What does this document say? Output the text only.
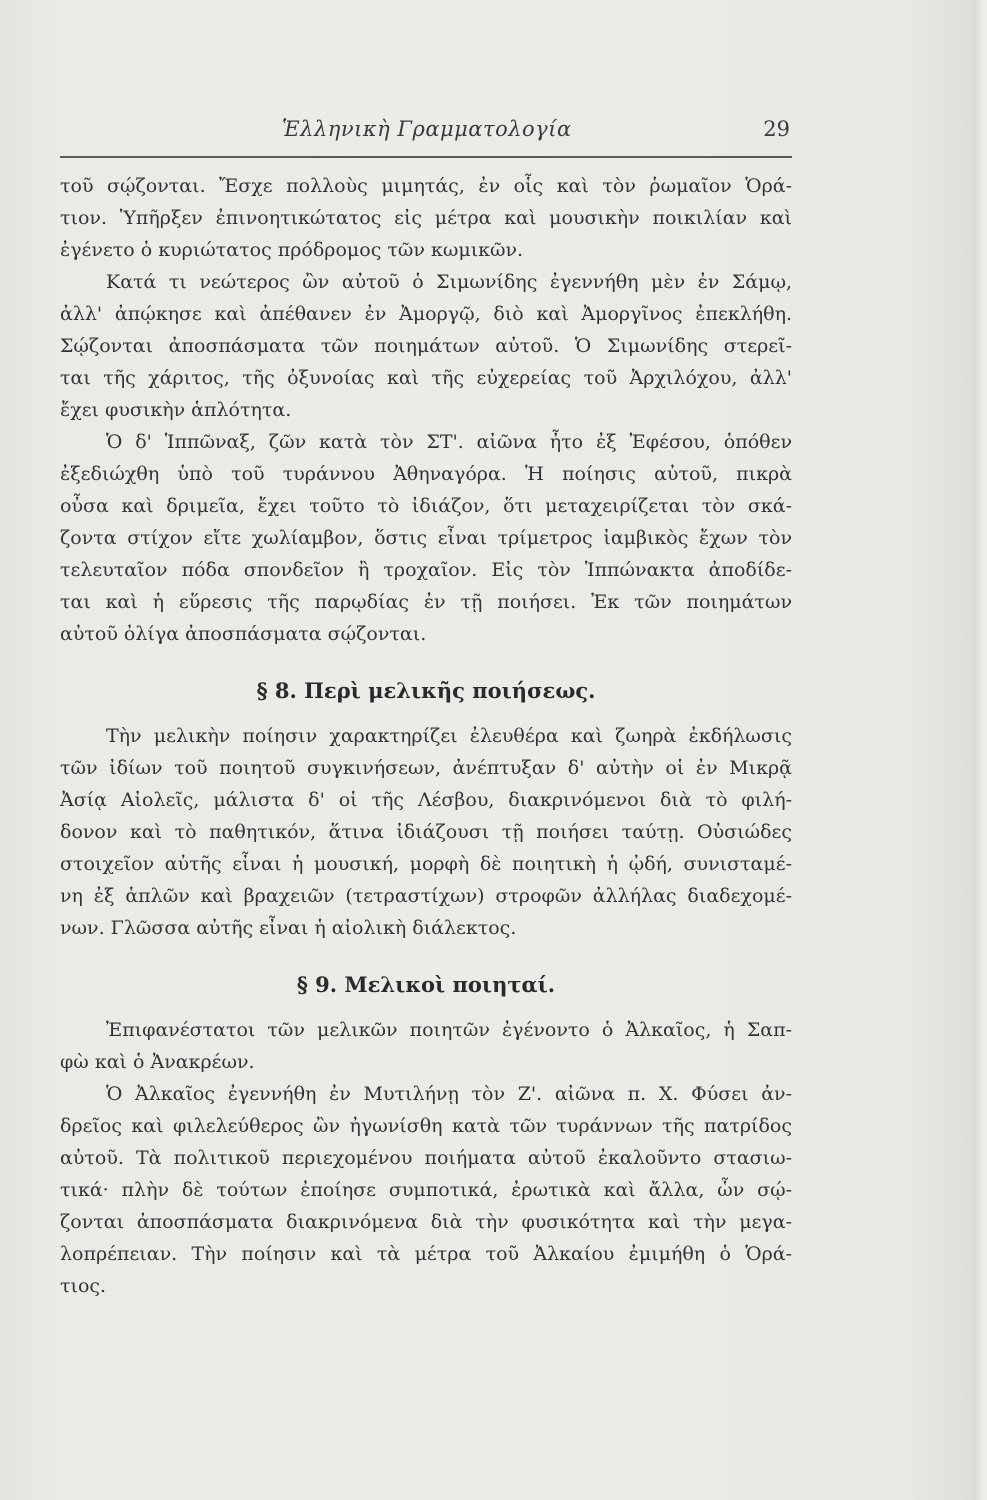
Ἑλληνικὴ Γραμματολογία	29
τοῦ σῴζονται. Ἔσχε πολλοὺς μιμητάς, ἐν οἷς καὶ τὸν ῥωμαῖον Ὁρά-
τιον. Ὑπῆρξεν ἐπινοητικώτατος εἰς μέτρα καὶ μουσικὴν ποικιλίαν καὶ
ἐγένετο ὁ κυριώτατος πρόδρομος τῶν κωμικῶν.
Κατά τι νεώτερος ὢν αὐτοῦ ὁ Σιμωνίδης ἐγεννήθη μὲν ἐν Σάμῳ,
ἀλλ' ἀπῴκησε καὶ ἀπέθανεν ἐν Ἀμοργῷ, διὸ καὶ Ἀμοργῖνος ἐπεκλήθη.
Σῴζονται ἀποσπάσματα τῶν ποιημάτων αὐτοῦ. Ὁ Σιμωνίδης στερεῖ-
ται τῆς χάριτος, τῆς ὀξυνοίας καὶ τῆς εὐχερείας τοῦ Ἀρχιλόχου, ἀλλ'
ἔχει φυσικὴν ἁπλότητα.
Ὁ δ' Ἱππῶναξ, ζῶν κατὰ τὸν ΣΤ'. αἰῶνα ἦτο ἐξ Ἐφέσου, ὁπόθεν
ἐξεδιώχθη ὑπὸ τοῦ τυράννου Ἀθηναγόρα. Ἡ ποίησις αὐτοῦ, πικρὰ
οὖσα καὶ δριμεῖα, ἔχει τοῦτο τὸ ἰδιάζον, ὅτι μεταχειρίζεται τὸν σκά-
ζοντα στίχον εἴτε χωλίαμβον, ὅστις εἶναι τρίμετρος ἰαμβικὸς ἔχων τὸν
τελευταῖον πόδα σπονδεῖον ἢ τροχαῖον. Εἰς τὸν Ἱππώνακτα ἀποδίδε-
ται καὶ ἡ εὕρεσις τῆς παρῳδίας ἐν τῇ ποιήσει. Ἐκ τῶν ποιημάτων
αὐτοῦ ὀλίγα ἀποσπάσματα σῴζονται.
§ 8. Περὶ μελικῆς ποιήσεως.
Τὴν μελικὴν ποίησιν χαρακτηρίζει ἐλευθέρα καὶ ζωηρὰ ἐκδήλωσις
τῶν ἰδίων τοῦ ποιητοῦ συγκινήσεων, ἀνέπτυξαν δ' αὐτὴν οἱ ἐν Μικρᾷ
Ἀσίᾳ Αἰολεῖς, μάλιστα δ' οἱ τῆς Λέσβου, διακρινόμενοι διὰ τὸ φιλή-
δονον καὶ τὸ παθητικόν, ἅτινα ἰδιάζουσι τῇ ποιήσει ταύτῃ. Οὐσιώδες
στοιχεῖον αὐτῆς εἶναι ἡ μουσική, μορφὴ δὲ ποιητικὴ ἡ ᾠδή, συνισταμέ-
νη ἐξ ἁπλῶν καὶ βραχειῶν (τετραστίχων) στροφῶν ἀλλήλας διαδεχομέ-
νων. Γλῶσσα αὐτῆς εἶναι ἡ αἰολικὴ διάλεκτος.
§ 9. Μελικοὶ ποιηταί.
Ἐπιφανέστατοι τῶν μελικῶν ποιητῶν ἐγένοντο ὁ Ἀλκαῖος, ἡ Σαπ-
φὼ καὶ ὁ Ἀνακρέων.
Ὁ Ἀλκαῖος ἐγεννήθη ἐν Μυτιλήνῃ τὸν Ζ'. αἰῶνα π. Χ. Φύσει ἀν-
δρεῖος καὶ φιλελεύθερος ὢν ἠγωνίσθη κατὰ τῶν τυράννων τῆς πατρίδος
αὐτοῦ. Τὰ πολιτικοῦ περιεχομένου ποιήματα αὐτοῦ ἐκαλοῦντο στασιω-
τικά· πλὴν δὲ τούτων ἐποίησε συμποτικά, ἐρωτικὰ καὶ ἄλλα, ὧν σῴ-
ζονται ἀποσπάσματα διακρινόμενα διὰ τὴν φυσικότητα καὶ τὴν μεγα-
λοπρέπειαν. Τὴν ποίησιν καὶ τὰ μέτρα τοῦ Ἀλκαίου ἐμιμήθη ὁ Ὁρά-
τιος.
